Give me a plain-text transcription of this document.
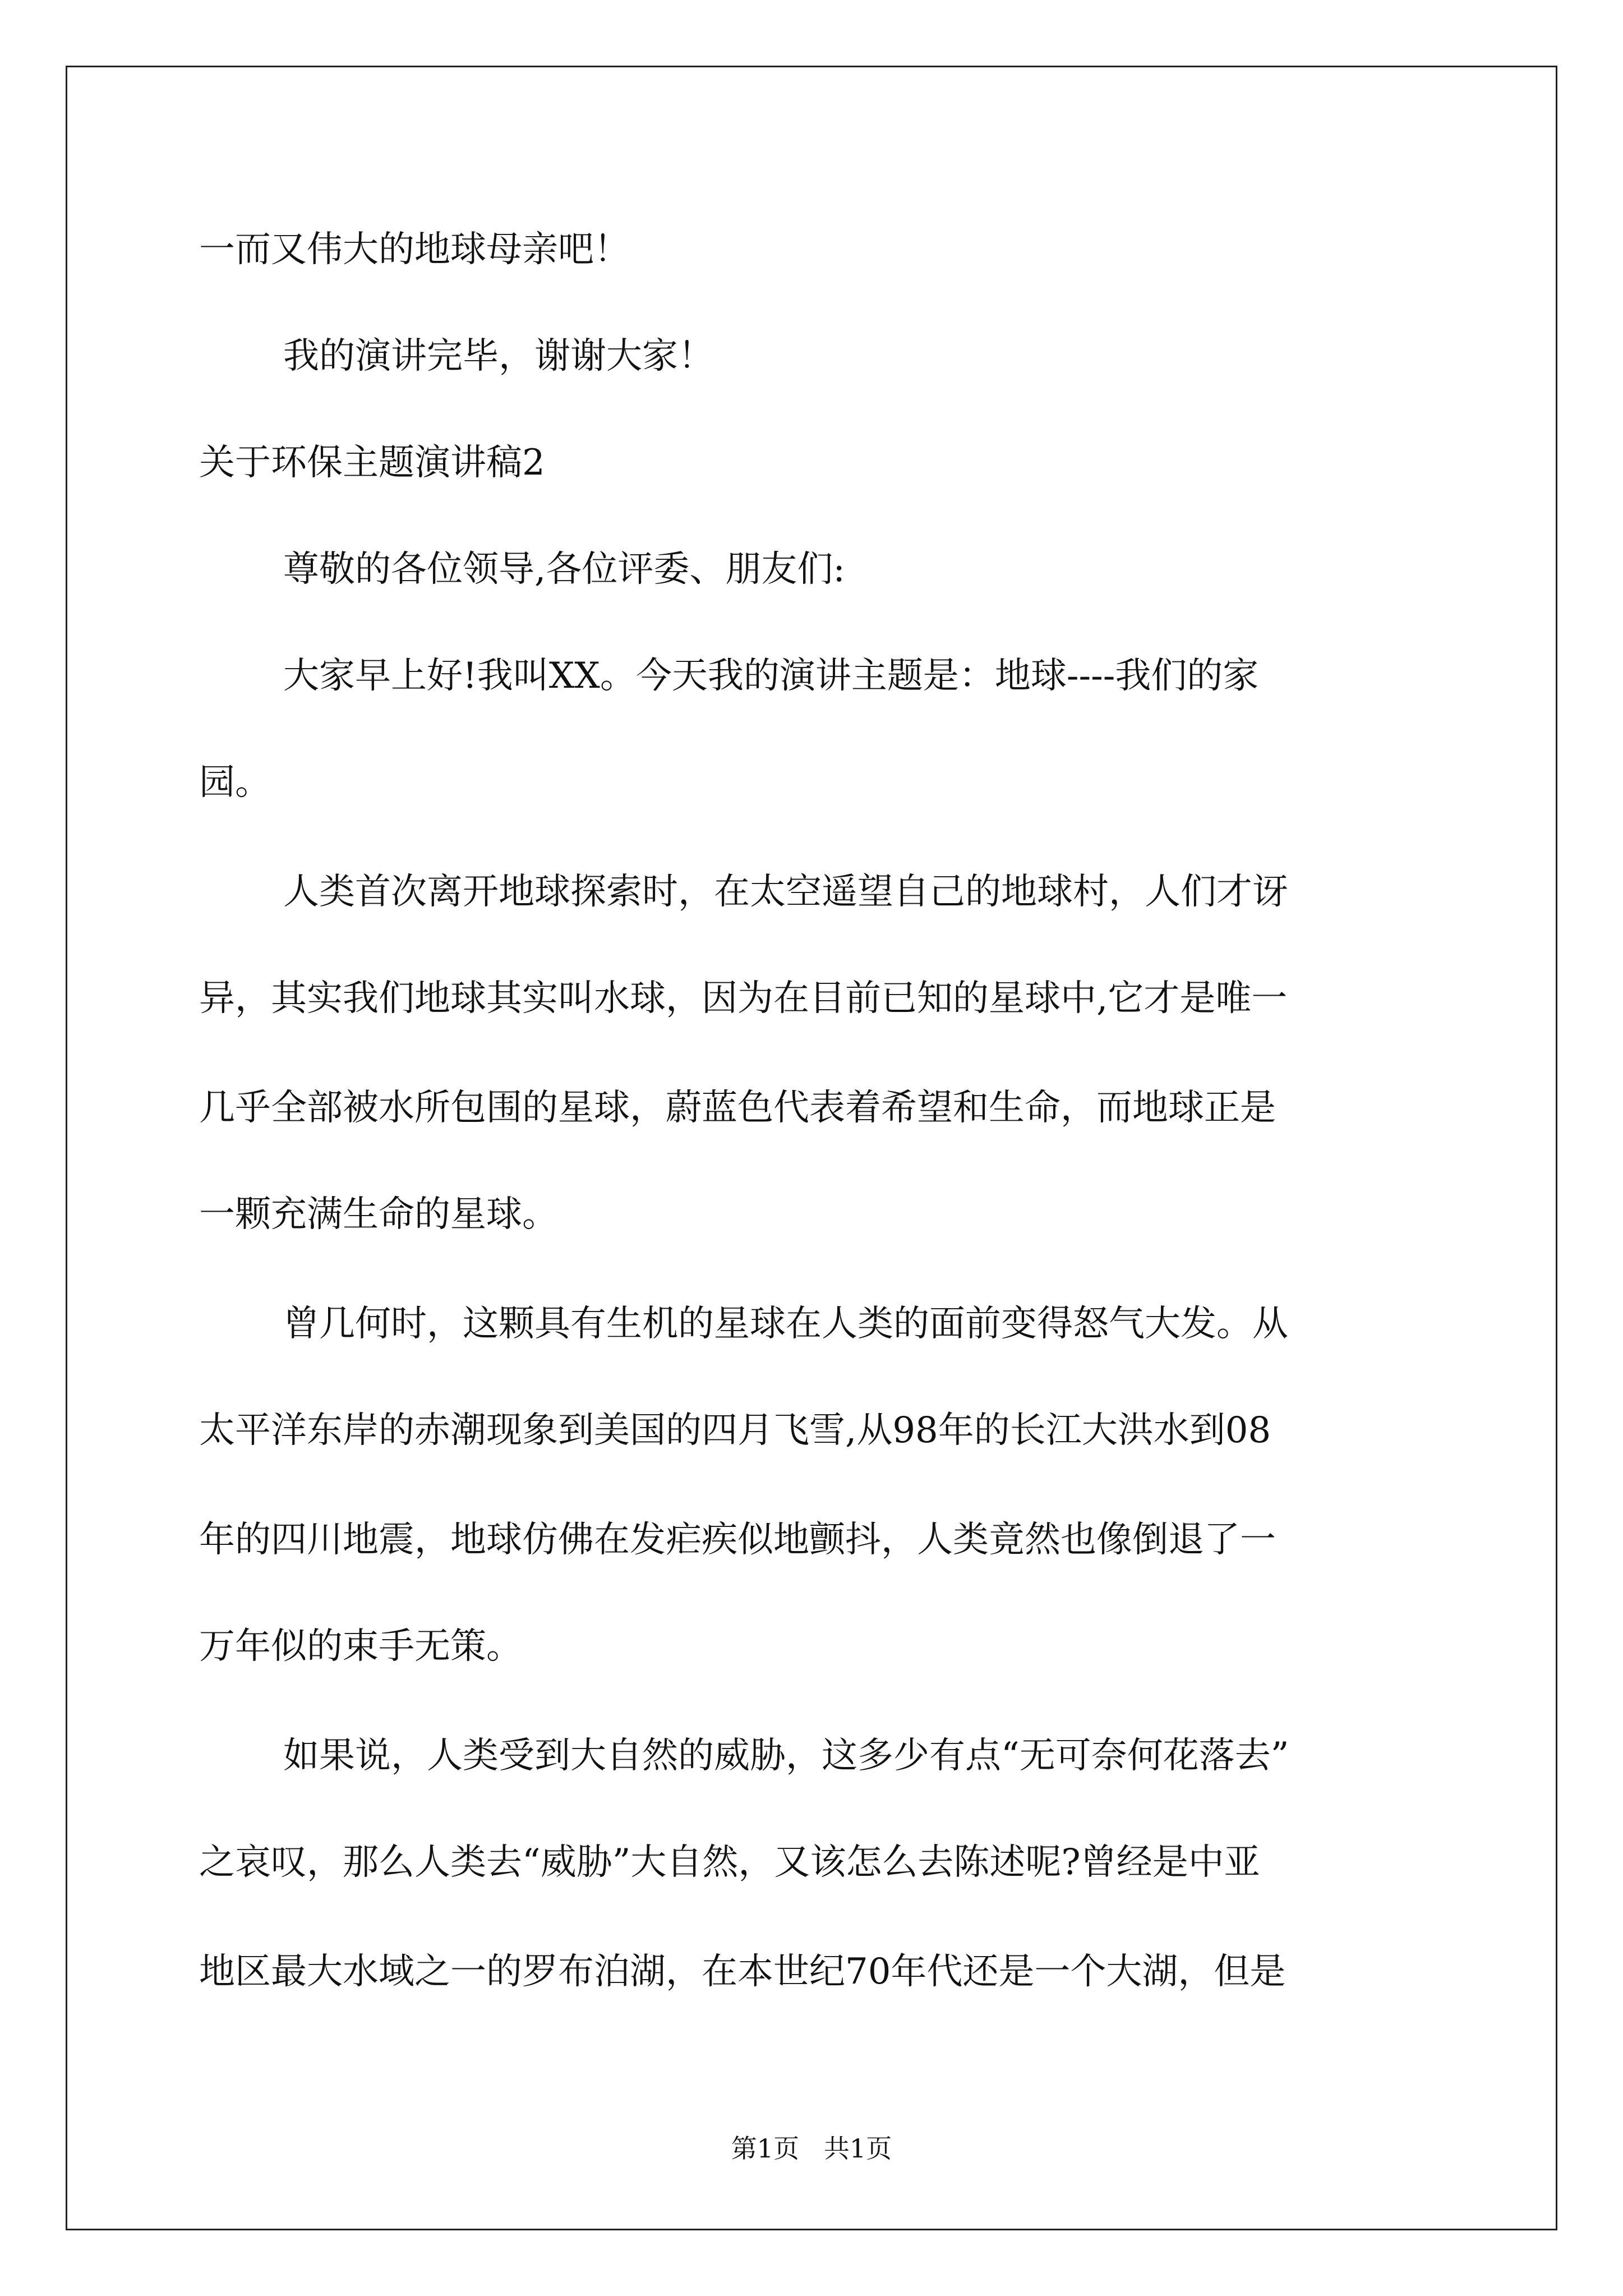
一而又伟大的地球母亲吧！
我的演讲完毕，谢谢大家！
关于环保主题演讲稿2
尊敬的各位领导,各位评委、朋友们:
大家早上好!我叫XX。今天我的演讲主题是：地球----我们的家
园。
人类首次离开地球探索时，在太空遥望自己的地球村，人们才讶
异，其实我们地球其实叫水球，因为在目前已知的星球中,它才是唯一
几乎全部被水所包围的星球，蔚蓝色代表着希望和生命，而地球正是
一颗充满生命的星球。
曾几何时，这颗具有生机的星球在人类的面前变得怒气大发。从
太平洋东岸的赤潮现象到美国的四月飞雪,从98年的长江大洪水到08
年的四川地震，地球仿佛在发疟疾似地颤抖，人类竟然也像倒退了一
万年似的束手无策。
如果说，人类受到大自然的威胁，这多少有点“无可奈何花落去”
之哀叹，那么人类去“威胁”大自然，又该怎么去陈述呢?曾经是中亚
地区最大水域之一的罗布泊湖，在本世纪70年代还是一个大湖，但是
第1页   共1页
